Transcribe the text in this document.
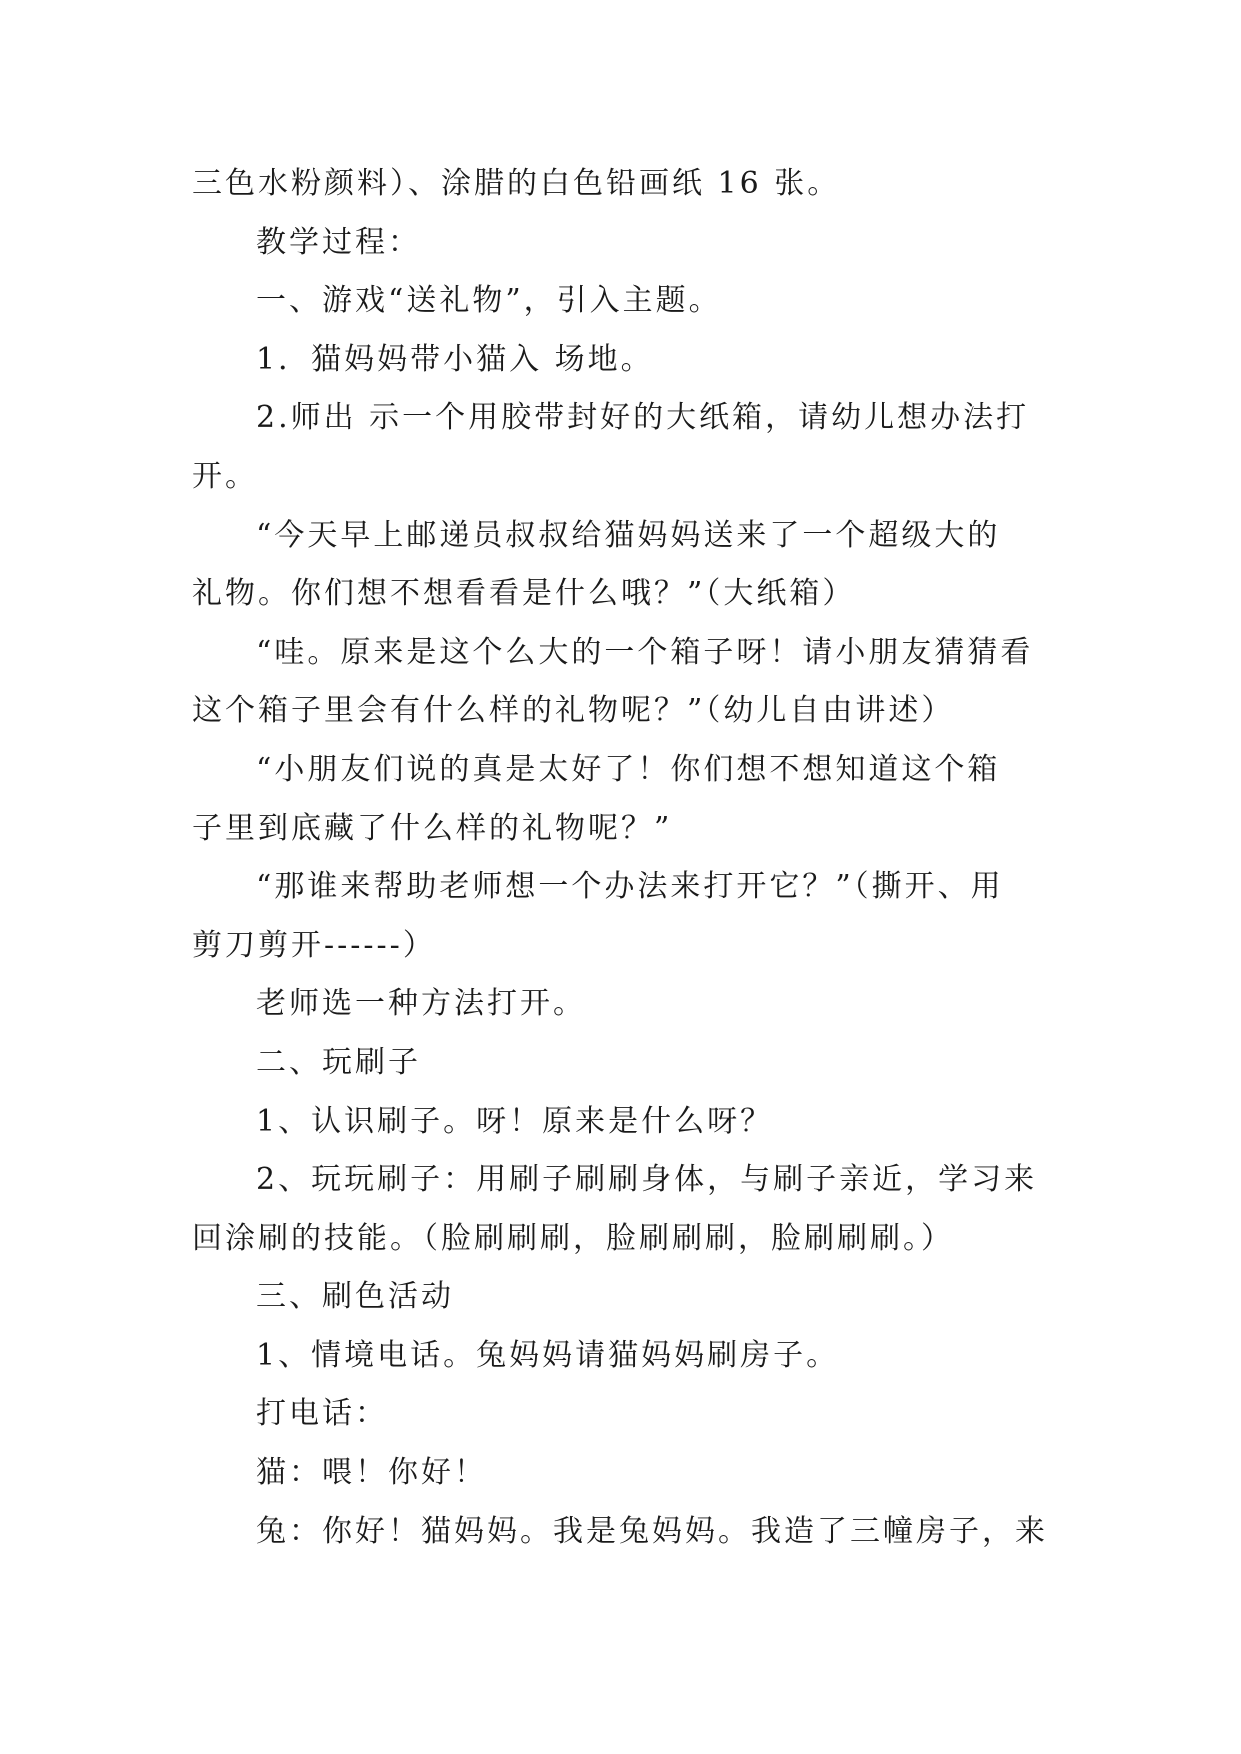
三色水粉颜料）、涂腊的白色铅画纸 16 张。
教学过程：
一、游戏“送礼物”，引入主题。
1．猫妈妈带小猫入 场地。
2.师出 示一个用胶带封好的大纸箱，请幼儿想办法打
开。
“今天早上邮递员叔叔给猫妈妈送来了一个超级大的
礼物。你们想不想看看是什么哦？”（大纸箱）
“哇。原来是这个么大的一个箱子呀！请小朋友猜猜看
这个箱子里会有什么样的礼物呢？”（幼儿自由讲述）
“小朋友们说的真是太好了！你们想不想知道这个箱
子里到底藏了什么样的礼物呢？”
“那谁来帮助老师想一个办法来打开它？”（撕开、用
剪刀剪开------）
老师选一种方法打开。
二、玩刷子
1、认识刷子。呀！原来是什么呀？
2、玩玩刷子：用刷子刷刷身体，与刷子亲近，学习来
回涂刷的技能。（脸刷刷刷，脸刷刷刷，脸刷刷刷。）
三、刷色活动
1、情境电话。兔妈妈请猫妈妈刷房子。
打电话：
猫：喂！你好！
兔：你好！猫妈妈。我是兔妈妈。我造了三幢房子，来
